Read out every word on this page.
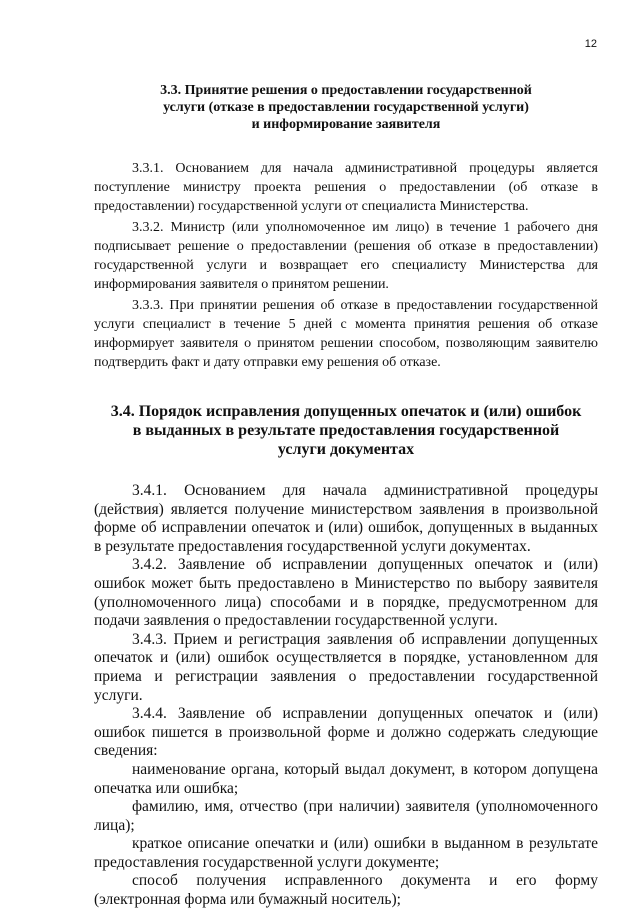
12
3.3. Принятие решения о предоставлении государственной
услуги (отказе в предоставлении государственной услуги)
и информирование заявителя

3.3.1. Основанием для начала административной процедуры является поступление министру проекта решения о предоставлении (об отказе в предоставлении) государственной услуги от специалиста Министерства.

3.3.2. Министр (или уполномоченное им лицо) в течение 1 рабочего дня подписывает решение о предоставлении (решения об отказе в предоставлении) государственной услуги и возвращает его специалисту Министерства для информирования заявителя о принятом решении.

3.3.3. При принятии решения об отказе в предоставлении государственной услуги специалист в течение 5 дней с момента принятия решения об отказе информирует заявителя о принятом решении способом, позволяющим заявителю подтвердить факт и дату отправки ему решения об отказе.

3.4. Порядок исправления допущенных опечаток и (или) ошибок
в выданных в результате предоставления государственной
услуги документах

3.4.1. Основанием для начала административной процедуры (действия) является получение министерством заявления в произвольной форме об исправлении опечаток и (или) ошибок, допущенных в выданных в результате предоставления государственной услуги документах.

3.4.2. Заявление об исправлении допущенных опечаток и (или) ошибок может быть предоставлено в Министерство по выбору заявителя (уполномоченного лица) способами и в порядке, предусмотренном для подачи заявления о предоставлении государственной услуги.

3.4.3. Прием и регистрация заявления об исправлении допущенных опечаток и (или) ошибок осуществляется в порядке, установленном для приема и регистрации заявления о предоставлении государственной услуги.

3.4.4. Заявление об исправлении допущенных опечаток и (или) ошибок пишется в произвольной форме и должно содержать следующие сведения:

наименование органа, который выдал документ, в котором допущена опечатка или ошибка;

фамилию, имя, отчество (при наличии) заявителя (уполномоченного лица);

краткое описание опечатки и (или) ошибки в выданном в результате предоставления государственной услуги документе;

способ получения исправленного документа и его форму (электронная форма или бумажный носитель);
